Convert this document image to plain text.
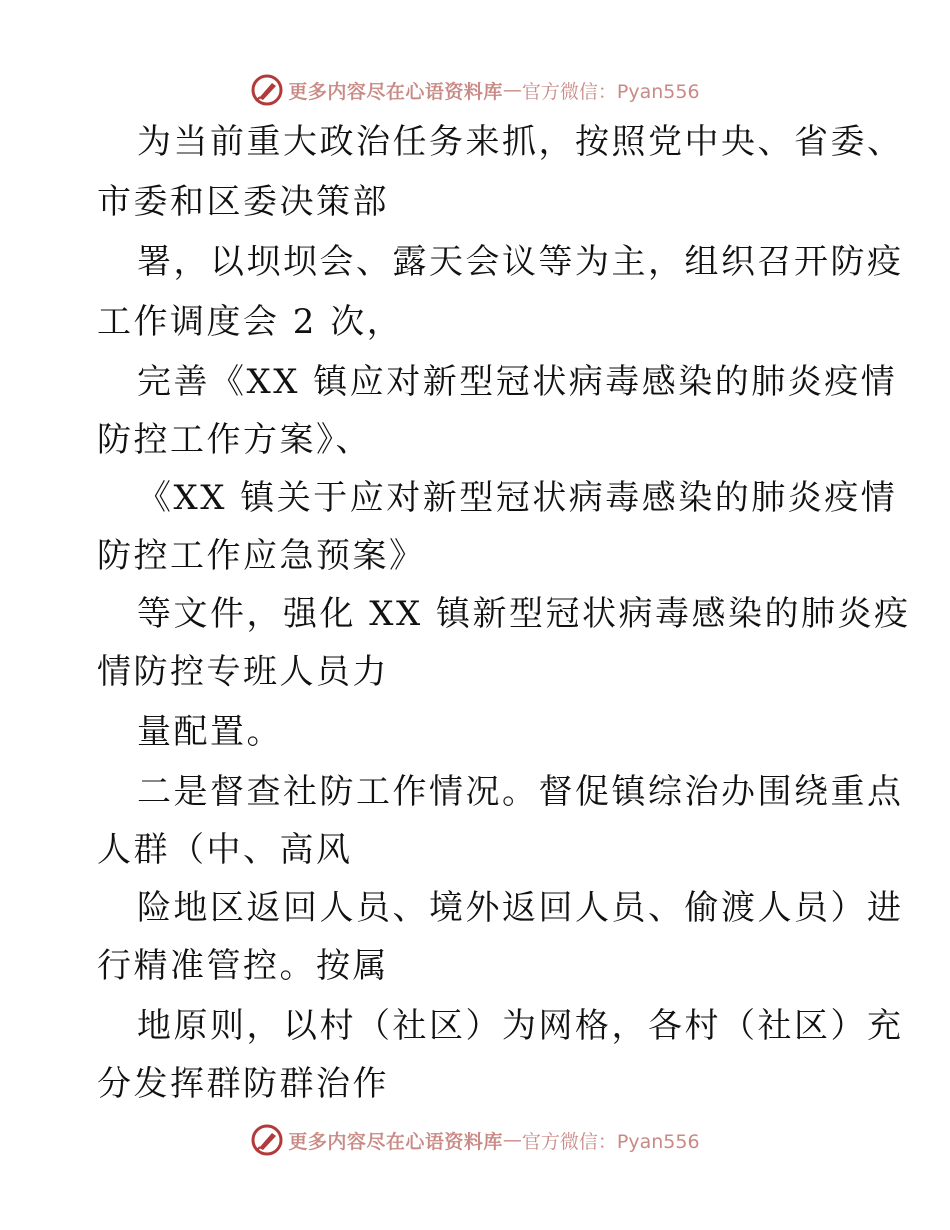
更多内容尽在心语资料库 — 官方微信：Pyan556
为当前重大政治任务来抓，按照党中央、省委、
市委和区委决策部
署，以坝坝会、露天会议等为主，组织召开防疫
工作调度会 2 次，
完善《XX 镇应对新型冠状病毒感染的肺炎疫情
防控工作方案》、
《XX 镇关于应对新型冠状病毒感染的肺炎疫情
防控工作应急预案》
等文件，强化 XX 镇新型冠状病毒感染的肺炎疫
情防控专班人员力
量配置。
二是督查社防工作情况。督促镇综治办围绕重点
人群（中、高风
险地区返回人员、境外返回人员、偷渡人员）进
行精准管控。按属
地原则，以村（社区）为网格，各村（社区）充
分发挥群防群治作
更多内容尽在心语资料库 — 官方微信：Pyan556
